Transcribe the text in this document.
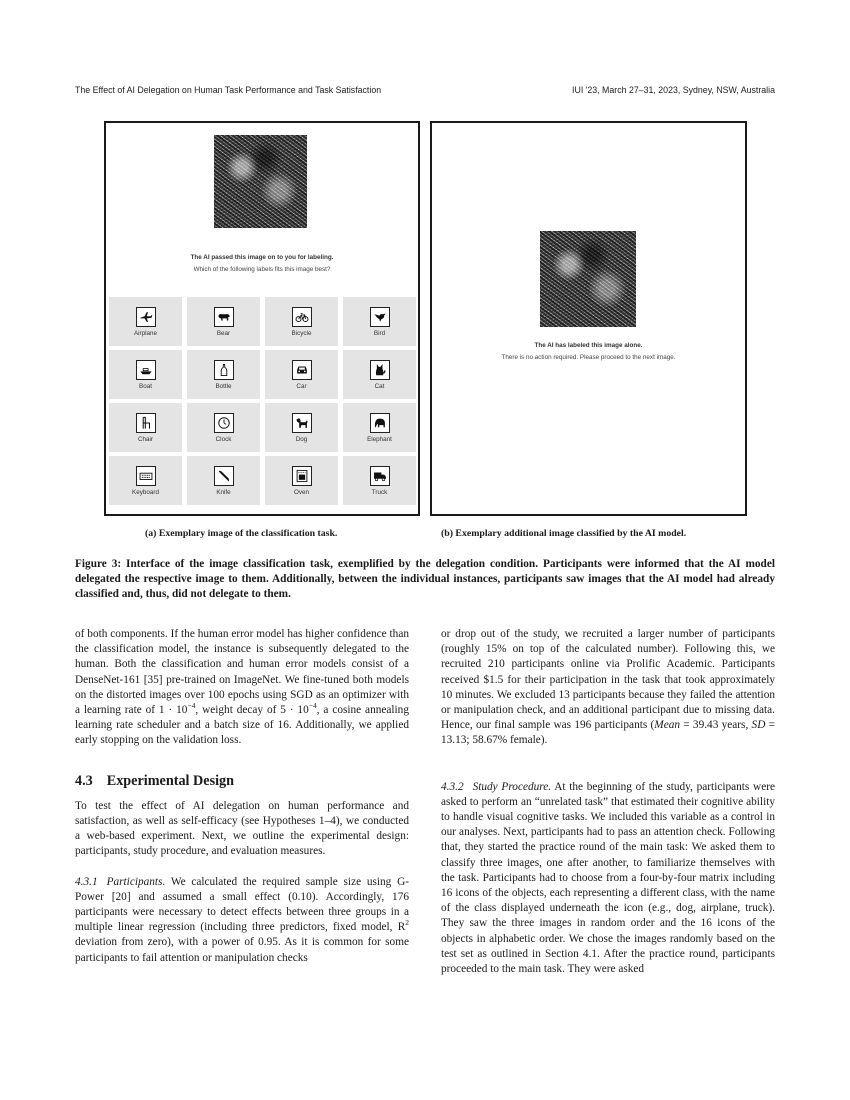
The Effect of AI Delegation on Human Task Performance and Task Satisfaction	IUI '23, March 27–31, 2023, Sydney, NSW, Australia
The AI passed this image on to you for labeling.
Which of the following labels fits this image best?
Airplane	Bear	Bicycle	Bird
Boat	Bottle	Car	Cat
Chair	Clock	Dog	Elephant
Keyboard	Knife	Oven	Truck
The AI has labeled this image alone.
There is no action required. Please proceed to the next image.
(a) Exemplary image of the classification task.	(b) Exemplary additional image classified by the AI model.
Figure 3: Interface of the image classification task, exemplified by the delegation condition. Participants were informed that the AI model delegated the respective image to them. Additionally, between the individual instances, participants saw images that the AI model had already classified and, thus, did not delegate to them.

of both components. If the human error model has higher confidence than the classification model, the instance is subsequently delegated to the human. Both the classification and human error models consist of a DenseNet-161 [35] pre-trained on ImageNet. We fine-tuned both models on the distorted images over 100 epochs using SGD as an optimizer with a learning rate of $1 \cdot 10^{-4}$, weight decay of $5 \cdot 10^{-4}$, a cosine annealing learning rate scheduler and a batch size of 16. Additionally, we applied early stopping on the validation loss.

4.3 Experimental Design

To test the effect of AI delegation on human performance and satisfaction, as well as self-efficacy (see Hypotheses 1–4), we conducted a web-based experiment. Next, we outline the experimental design: participants, study procedure, and evaluation measures.

4.3.1 Participants. We calculated the required sample size using G-Power [20] and assumed a small effect (0.10). Accordingly, 176 participants were necessary to detect effects between three groups in a multiple linear regression (including three predictors, fixed model, $R^2$ deviation from zero), with a power of 0.95. As it is common for some participants to fail attention or manipulation checks

or drop out of the study, we recruited a larger number of participants (roughly 15% on top of the calculated number). Following this, we recruited 210 participants online via Prolific Academic. Participants received $1.5 for their participation in the task that took approximately 10 minutes. We excluded 13 participants because they failed the attention or manipulation check, and an additional participant due to missing data. Hence, our final sample was 196 participants (Mean = 39.43 years, SD = 13.13; 58.67% female).

4.3.2 Study Procedure. At the beginning of the study, participants were asked to perform an “unrelated task” that estimated their cognitive ability to handle visual cognitive tasks. We included this variable as a control in our analyses. Next, participants had to pass an attention check. Following that, they started the practice round of the main task: We asked them to classify three images, one after another, to familiarize themselves with the task. Participants had to choose from a four-by-four matrix including 16 icons of the objects, each representing a different class, with the name of the class displayed underneath the icon (e.g., dog, airplane, truck). They saw the three images in random order and the 16 icons of the objects in alphabetic order. We chose the images randomly based on the test set as outlined in Section 4.1. After the practice round, participants proceeded to the main task. They were asked
